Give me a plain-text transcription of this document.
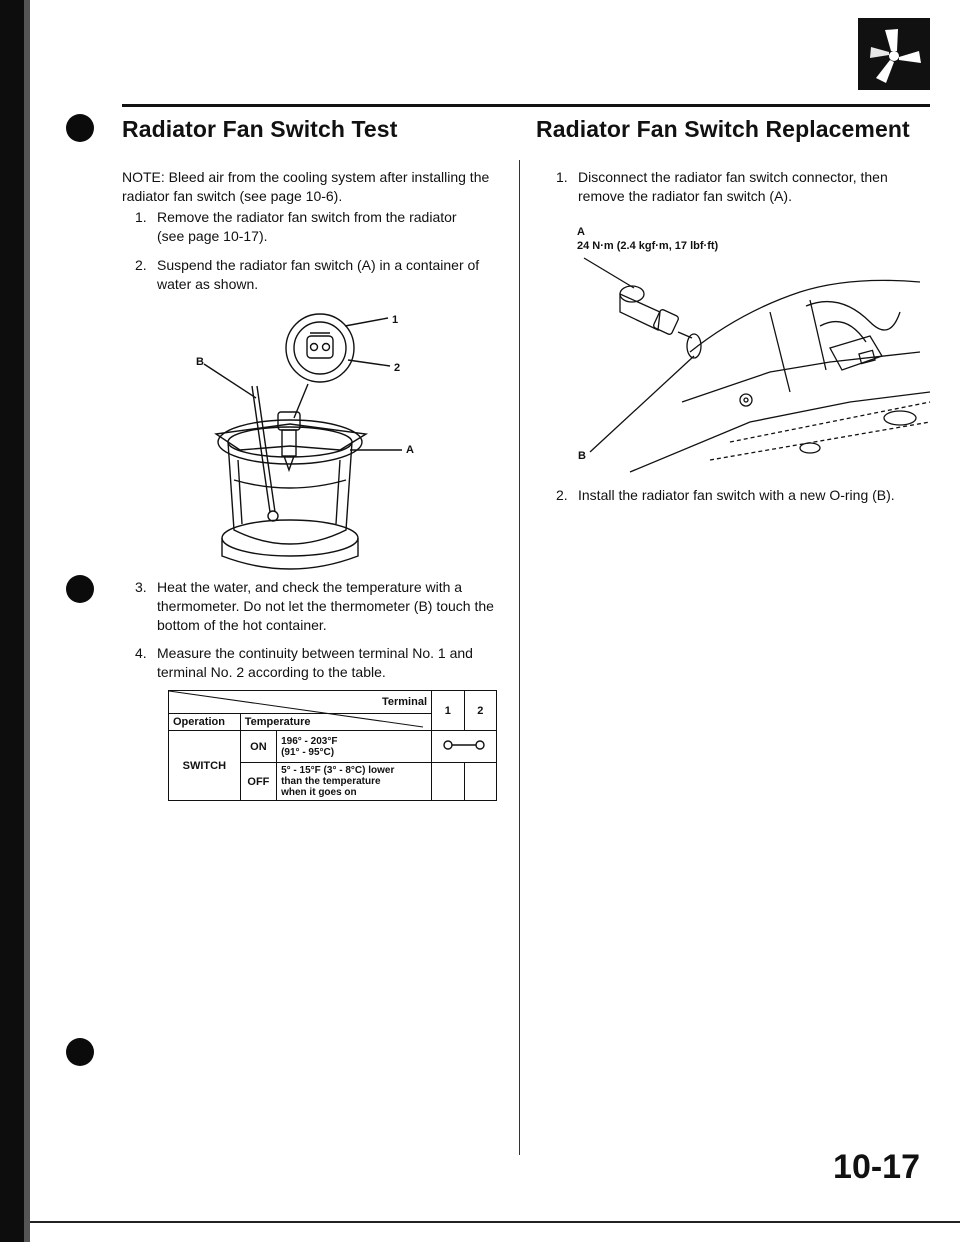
Radiator Fan Switch Test
NOTE: Bleed air from the cooling system after installing the radiator fan switch (see page 10-6).
1. Remove the radiator fan switch from the radiator (see page 10-17).
2. Suspend the radiator fan switch (A) in a container of water as shown.
B
1
2
A
3. Heat the water, and check the temperature with a thermometer. Do not let the thermometer (B) touch the bottom of the hot container.
4. Measure the continuity between terminal No. 1 and terminal No. 2 according to the table.
Terminal			1	2
Operation	Temperature			
SWITCH	ON	196° - 203°F
(91° - 95°C)

	OFF	5° - 15°F (3° - 8°C) lower
than the temperature
when it goes on		

Radiator Fan Switch Replacement
1. Disconnect the radiator fan switch connector, then remove the radiator fan switch (A).
A
24 N·m (2.4 kgf·m, 17 lbf·ft)
B
2. Install the radiator fan switch with a new O-ring (B).
10-17
